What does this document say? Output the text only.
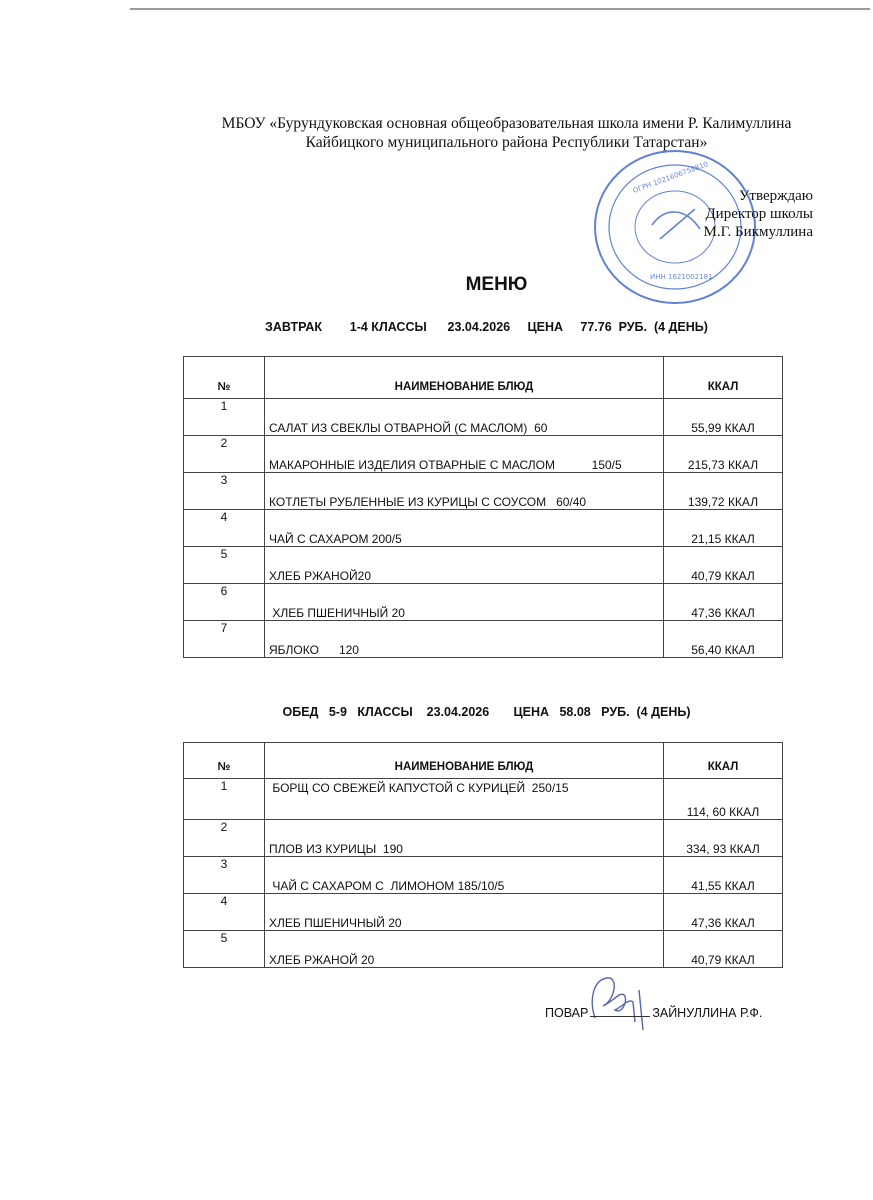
МБОУ «Бурундуковская основная общеобразовательная школа имени Р. Калимуллина
Кайбицкого муниципального района Республики Татарстан»
ОГРН 1021606758810
ИНН 1621002181
Утверждаю
Директор школы
М.Г. Бикмуллина
МЕНЮ
ЗАВТРАК        1-4 КЛАССЫ      23.04.2026     ЦЕНА     77.76  РУБ.  (4 ДЕНЬ)
№	НАИМЕНОВАНИЕ БЛЮД	ККАЛ
1	САЛАТ ИЗ СВЕКЛЫ ОТВАРНОЙ (С МАСЛОМ)  60	55,99 ККАЛ
2	МАКАРОННЫЕ ИЗДЕЛИЯ ОТВАРНЫЕ С МАСЛОМ           150/5	215,73 ККАЛ
3	КОТЛЕТЫ РУБЛЕННЫЕ ИЗ КУРИЦЫ С СОУСОМ   60/40	139,72 ККАЛ
4	ЧАЙ С САХАРОМ 200/5	21,15 ККАЛ
5	ХЛЕБ РЖАНОЙ20	40,79 ККАЛ
6	ХЛЕБ ПШЕНИЧНЫЙ 20	47,36 ККАЛ
7	ЯБЛОКО      120	56,40 ККАЛ
ОБЕД   5-9   КЛАССЫ    23.04.2026       ЦЕНА   58.08   РУБ.  (4 ДЕНЬ)
№	НАИМЕНОВАНИЕ БЛЮД	ККАЛ
1	БОРЩ СО СВЕЖЕЙ КАПУСТОЙ С КУРИЦЕЙ  250/15	114, 60 ККАЛ
2	ПЛОВ ИЗ КУРИЦЫ  190	334, 93 ККАЛ
3	ЧАЙ С САХАРОМ С  ЛИМОНОМ 185/10/5	41,55 ККАЛ
4	ХЛЕБ ПШЕНИЧНЫЙ 20	47,36 ККАЛ
5	ХЛЕБ РЖАНОЙ 20	40,79 ККАЛ
ПОВАР	ЗАЙНУЛЛИНА Р.Ф.
